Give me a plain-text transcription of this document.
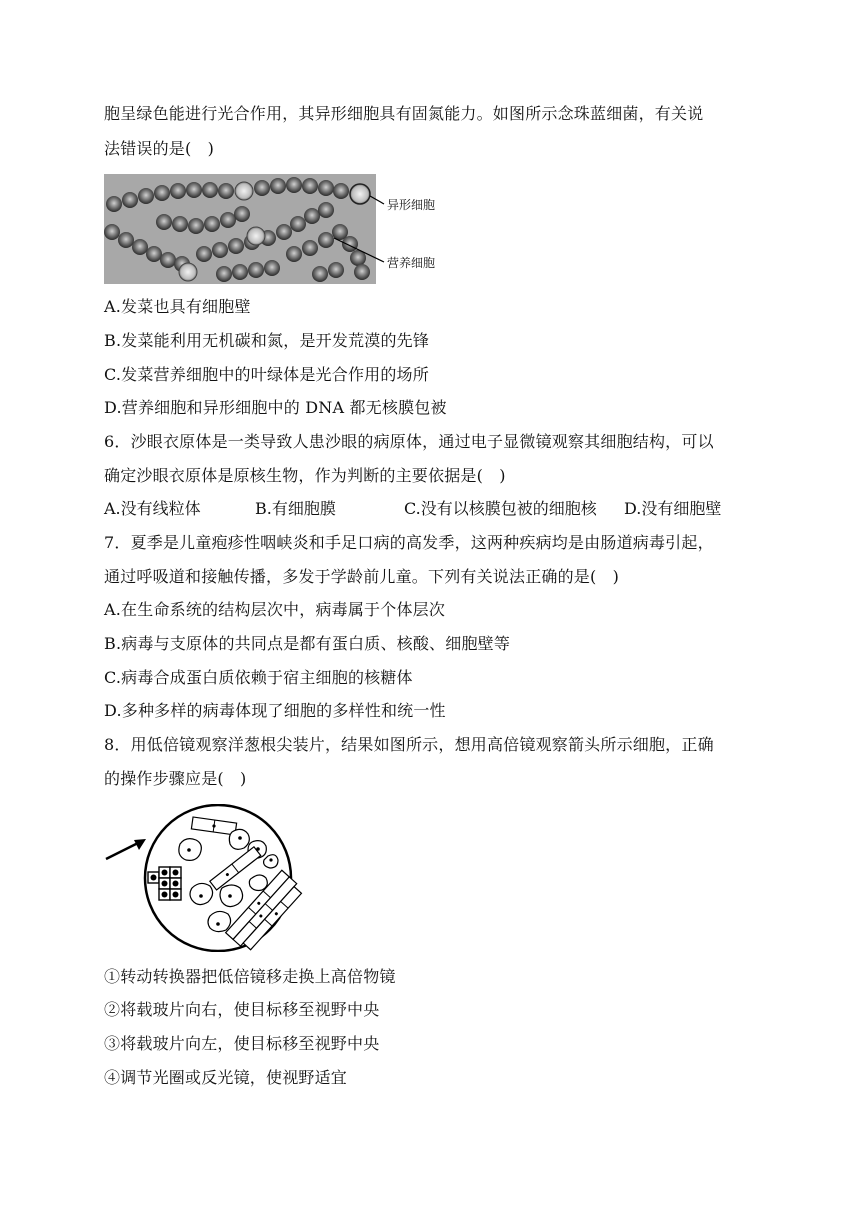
胞呈绿色能进行光合作用，其异形细胞具有固氮能力。如图所示念珠蓝细菌，有关说
法错误的是(　)
异形细胞
营养细胞
A.发菜也具有细胞壁
B.发菜能利用无机碳和氮，是开发荒漠的先锋
C.发菜营养细胞中的叶绿体是光合作用的场所
D.营养细胞和异形细胞中的 DNA 都无核膜包被
6．沙眼衣原体是一类导致人患沙眼的病原体，通过电子显微镜观察其细胞结构，可以
确定沙眼衣原体是原核生物，作为判断的主要依据是(　)
A.没有线粒体	B.有细胞膜	C.没有以核膜包被的细胞核 D.没有细胞壁
7．夏季是儿童疱疹性咽峡炎和手足口病的高发季，这两种疾病均是由肠道病毒引起，
通过呼吸道和接触传播，多发于学龄前儿童。下列有关说法正确的是(　)
A.在生命系统的结构层次中，病毒属于个体层次
B.病毒与支原体的共同点是都有蛋白质、核酸、细胞壁等
C.病毒合成蛋白质依赖于宿主细胞的核糖体
D.多种多样的病毒体现了细胞的多样性和统一性
8．用低倍镜观察洋葱根尖装片，结果如图所示，想用高倍镜观察箭头所示细胞，正确
的操作步骤应是(　)
①转动转换器把低倍镜移走换上高倍物镜
②将载玻片向右，使目标移至视野中央
③将载玻片向左，使目标移至视野中央
④调节光圈或反光镜，使视野适宜
